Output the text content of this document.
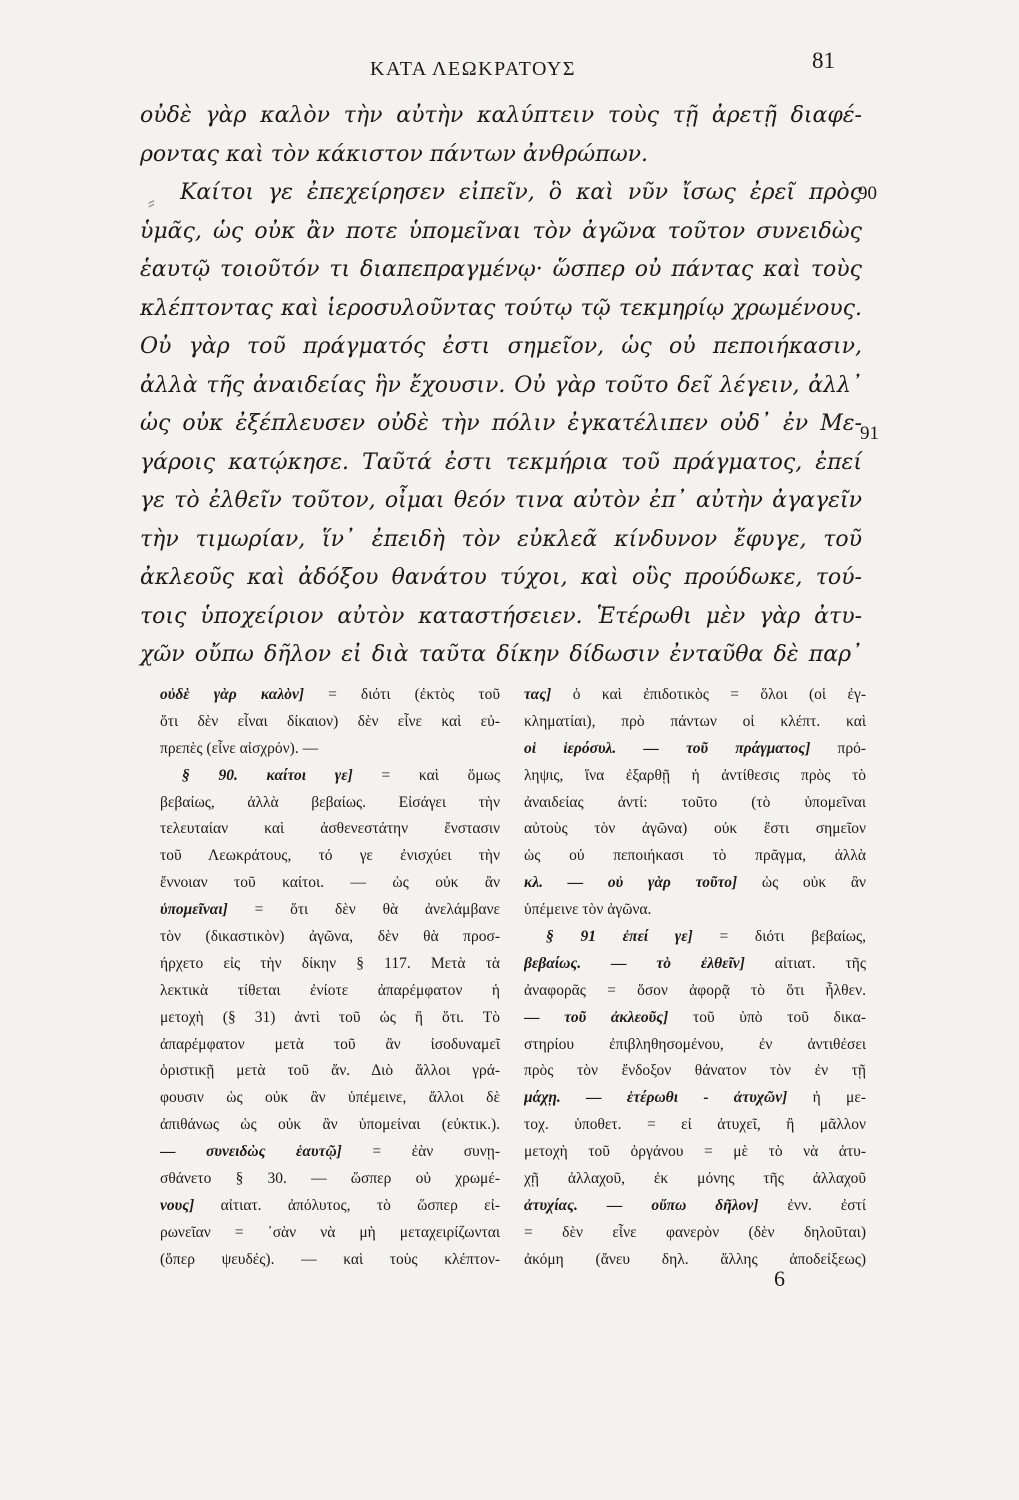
ΚΑΤΑ ΛΕΩΚΡΑΤΟΥΣ	81
οὐδὲ γὰρ καλὸν τὴν αὐτὴν καλύπτειν τοὺς τῇ ἀρετῇ διαφέ-
ροντας καὶ τὸν κάκιστον πάντων ἀνθρώπων.
Καίτοι γε ἐπεχείρησεν εἰπεῖν, ὃ καὶ νῦν ἴσως ἐρεῖ πρὸς
ὑμᾶς, ὡς οὐκ ἂν ποτε ὑπομεῖναι τὸν ἀγῶνα τοῦτον συνειδὼς
ἑαυτῷ τοιοῦτόν τι διαπεπραγμένῳ· ὥσπερ οὐ πάντας καὶ τοὺς
κλέπτοντας καὶ ἱεροσυλοῦντας τούτῳ τῷ τεκμηρίῳ χρωμένους.
Οὐ γὰρ τοῦ πράγματός ἐστι σημεῖον, ὡς οὐ πεποιήκασιν,
ἀλλὰ τῆς ἀναιδείας ἣν ἔχουσιν. Οὐ γὰρ τοῦτο δεῖ λέγειν, ἀλλ᾽
ὡς οὐκ ἐξέπλευσεν οὐδὲ τὴν πόλιν ἐγκατέλιπεν οὐδ᾽ ἐν Με-
γάροις κατῴκησε. Ταῦτά ἐστι τεκμήρια τοῦ πράγματος, ἐπεί
γε τὸ ἐλθεῖν τοῦτον, οἶμαι θεόν τινα αὐτὸν ἐπ᾽ αὐτὴν ἀγαγεῖν
τὴν τιμωρίαν, ἵν᾽ ἐπειδὴ τὸν εὐκλεᾶ κίνδυνον ἔφυγε, τοῦ
ἀκλεοῦς καὶ ἀδόξου θανάτου τύχοι, καὶ οὓς προύδωκε, τού-
τοις ὑποχείριον αὐτὸν καταστήσειεν. Ἑτέρωθι μὲν γὰρ ἀτυ-
χῶν οὔπω δῆλον εἰ διὰ ταῦτα δίκην δίδωσιν ἐνταῦθα δὲ παρ᾽
90
91
⸗
οὐδὲ γὰρ καλὸν] = διότι (ἐκτὸς τοῦ
ὅτι δὲν εἶναι δίκαιον) δὲν εἶνε καὶ εὐ-
πρεπὲς (εἶνε αἰσχρόν). —
§ 90. καίτοι γε] = καὶ ὅμως
βεβαίως, ἀλλὰ βεβαίως. Εἰσάγει τὴν
τελευταίαν καὶ ἀσθενεστάτην ἔνστασιν
τοῦ Λεωκράτους, τό γε ἐνισχύει τὴν
ἔννοιαν τοῦ καίτοι. — ὡς οὐκ ἂν
ὑπομεῖναι] = ὅτι δὲν θὰ ἀνελάμβανε
τὸν (δικαστικὸν) ἀγῶνα, δὲν θὰ προσ-
ήρχετο εἰς τὴν δίκην § 117. Μετὰ τὰ
λεκτικὰ τίθεται ἐνίοτε ἀπαρέμφατον ἡ
μετοχὴ (§ 31) ἀντὶ τοῦ ὡς ἢ ὅτι. Τὸ
ἀπαρέμφατον μετὰ τοῦ ἂν ἰσοδυναμεῖ
ὁριστικῇ μετὰ τοῦ ἄν. Διὸ ἄλλοι γρά-
φουσιν ὡς οὐκ ἂν ὑπέμεινε, ἄλλοι δὲ
ἀπιθάνως ὡς οὐκ ἂν ὑπομείναι (εὐκτικ.).
— συνειδὼς ἑαυτῷ] = ἐὰν συνῃ-
σθάνετο § 30. — ὥσπερ οὐ χρωμέ-
νους] αἰτιατ. ἀπόλυτος, τὸ ὥσπερ εἰ-
ρωνεῖαν = ᾽σὰν νὰ μὴ μεταχειρίζωνται
(ὅπερ ψευδές). — καὶ τοὺς κλέπτον-
τας] ὁ καὶ ἐπιδοτικὸς = ὅλοι (οἱ ἐγ-
κληματίαι), πρὸ πάντων οἱ κλέπτ. καὶ
οἱ ἱερόσυλ. — τοῦ πράγματος] πρό-
ληψις, ἵνα ἐξαρθῇ ἡ ἀντίθεσις πρὸς τὸ
ἀναιδείας ἀντί: τοῦτο (τὸ ὑπομεῖναι
αὐτοὺς τὸν ἀγῶνα) οὐκ ἔστι σημεῖον
ὡς οὐ πεποιήκασι τὸ πρᾶγμα, ἀλλὰ
κλ. — οὐ γὰρ τοῦτο] ὡς οὐκ ἂν
ὑπέμεινε τὸν ἀγῶνα.
§ 91 ἐπεί γε] = διότι βεβαίως,
βεβαίως. — τὸ ἐλθεῖν] αἰτιατ. τῆς
ἀναφορᾶς = ὅσον ἀφορᾷ τὸ ὅτι ἦλθεν.
— τοῦ ἀκλεοῦς] τοῦ ὑπὸ τοῦ δικα-
στηρίου ἐπιβληθησομένου, ἐν ἀντιθέσει
πρὸς τὸν ἔνδοξον θάνατον τὸν ἐν τῇ
μάχῃ. — ἑτέρωθι - ἀτυχῶν] ἡ με-
τοχ. ὑποθετ. = εἰ ἀτυχεῖ, ἢ μᾶλλον
μετοχὴ τοῦ ὀργάνου = μὲ τὸ νὰ ἀτυ-
χῇ ἀλλαχοῦ, ἐκ μόνης τῆς ἀλλαχοῦ
ἀτυχίας. — οὔπω δῆλον] ἐνν. ἐστί
= δὲν εἶνε φανερὸν (δὲν δηλοῦται)
ἀκόμη (ἄνευ δηλ. ἄλλης ἀποδείξεως)
6
